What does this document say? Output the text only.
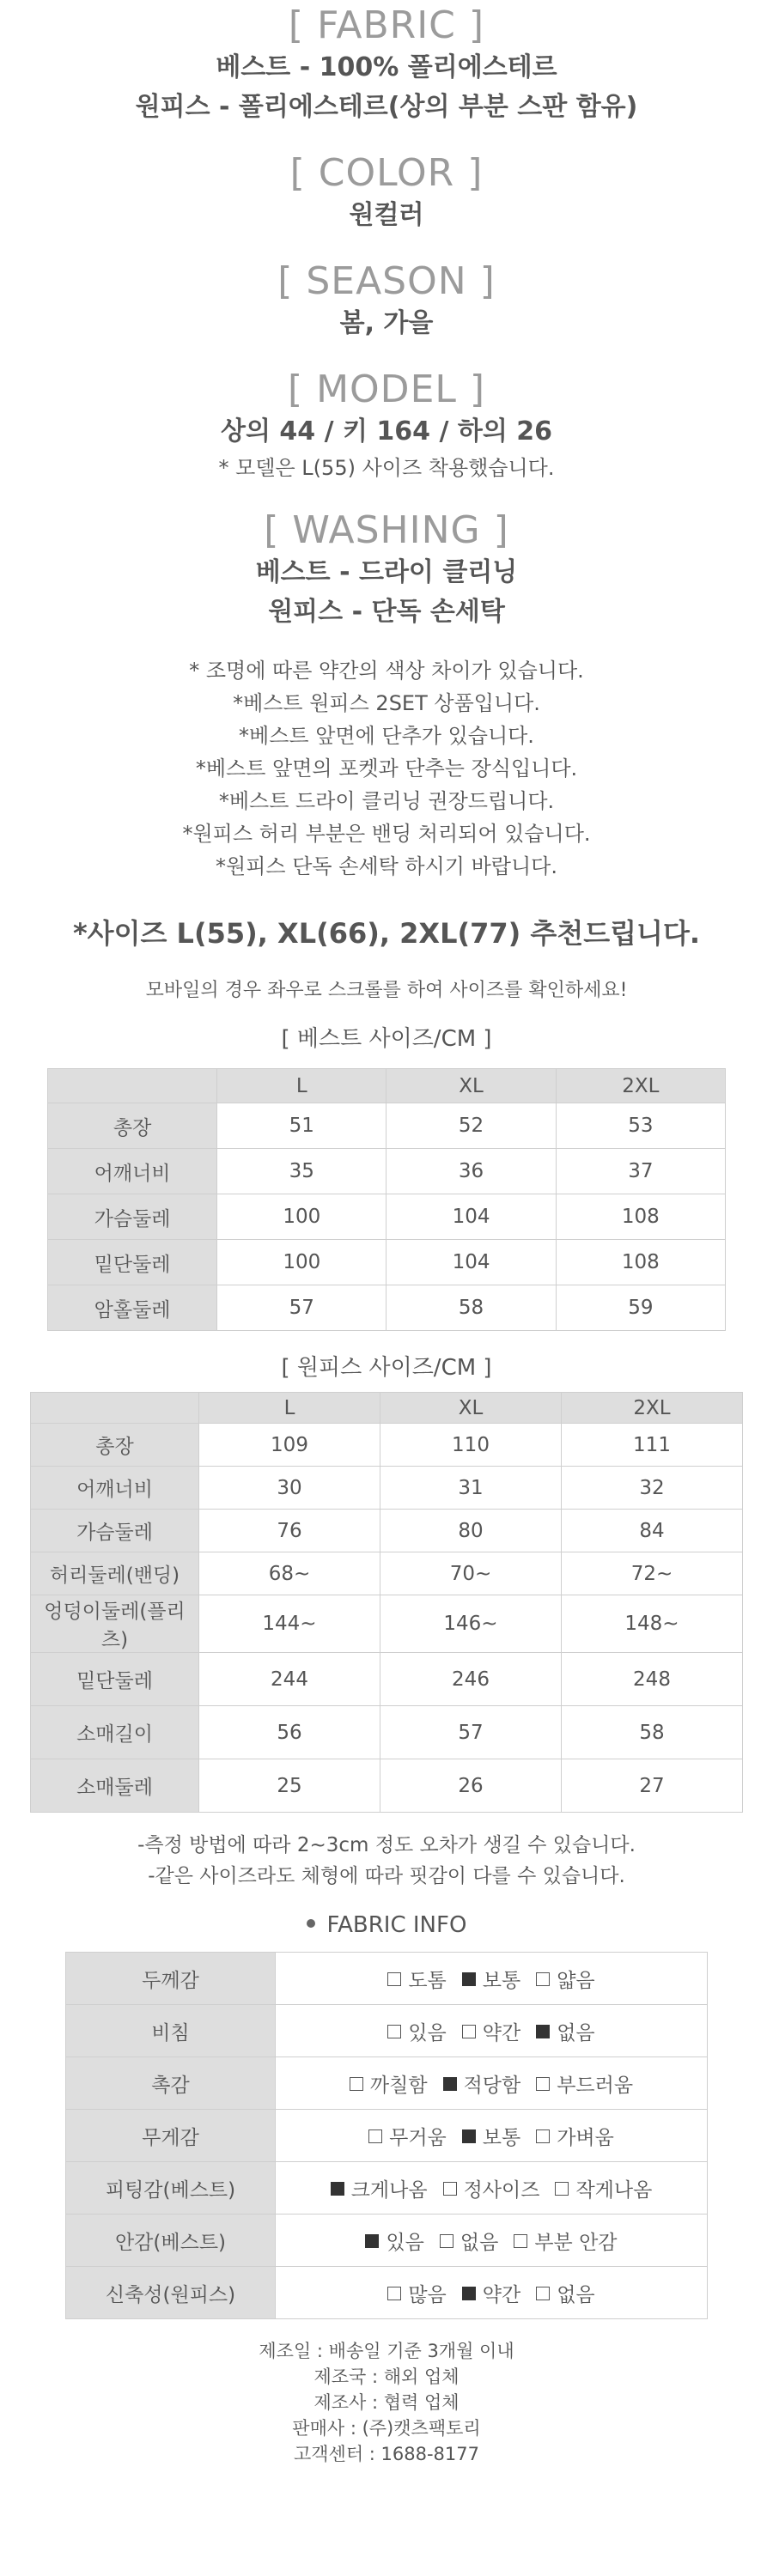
[ FABRIC ]
베스트 - 100% 폴리에스테르
원피스 - 폴리에스테르(상의 부분 스판 함유)
[ COLOR ]
원컬러
[ SEASON ]
봄, 가을
[ MODEL ]
상의 44 / 키 164 / 하의 26
* 모델은 L(55) 사이즈 착용했습니다.
[ WASHING ]
베스트 - 드라이 클리닝
원피스 - 단독 손세탁
* 조명에 따른 약간의 색상 차이가 있습니다.
*베스트 원피스 2SET 상품입니다.
*베스트 앞면에 단추가 있습니다.
*베스트 앞면의 포켓과 단추는 장식입니다.
*베스트 드라이 클리닝 권장드립니다.
*원피스 허리 부분은 밴딩 처리되어 있습니다.
*원피스 단독 손세탁 하시기 바랍니다.
*사이즈 L(55), XL(66), 2XL(77) 추천드립니다.
모바일의 경우 좌우로 스크롤를 하여 사이즈를 확인하세요!
[ 베스트 사이즈/CM ]
	L	XL	2XL
총장	51	52	53
어깨너비	35	36	37
가슴둘레	100	104	108
밑단둘레	100	104	108
암홀둘레	57	58	59
[ 원피스 사이즈/CM ]
	L	XL	2XL
총장	109	110	111
어깨너비	30	31	32
가슴둘레	76	80	84
허리둘레(밴딩)	68~	70~	72~
엉덩이둘레(플리츠)	144~	146~	148~
밑단둘레	244	246	248
소매길이	56	57	58
소매둘레	25	26	27
-측정 방법에 따라 2~3cm 정도 오차가 생길 수 있습니다.
-같은 사이즈라도 체형에 따라 핏감이 다를 수 있습니다.
FABRIC INFO
두께감	도톰 보통 얇음
비침	있음 약간 없음
촉감	까칠함 적당함 부드러움
무게감	무거움 보통 가벼움
피팅감(베스트)	크게나옴 정사이즈 작게나옴
안감(베스트)	있음 없음 부분 안감
신축성(원피스)	많음 약간 없음
제조일 : 배송일 기준 3개월 이내
제조국 : 해외 업체
제조사 : 협력 업체
판매사 : (주)캣츠팩토리
고객센터 : 1688-8177
